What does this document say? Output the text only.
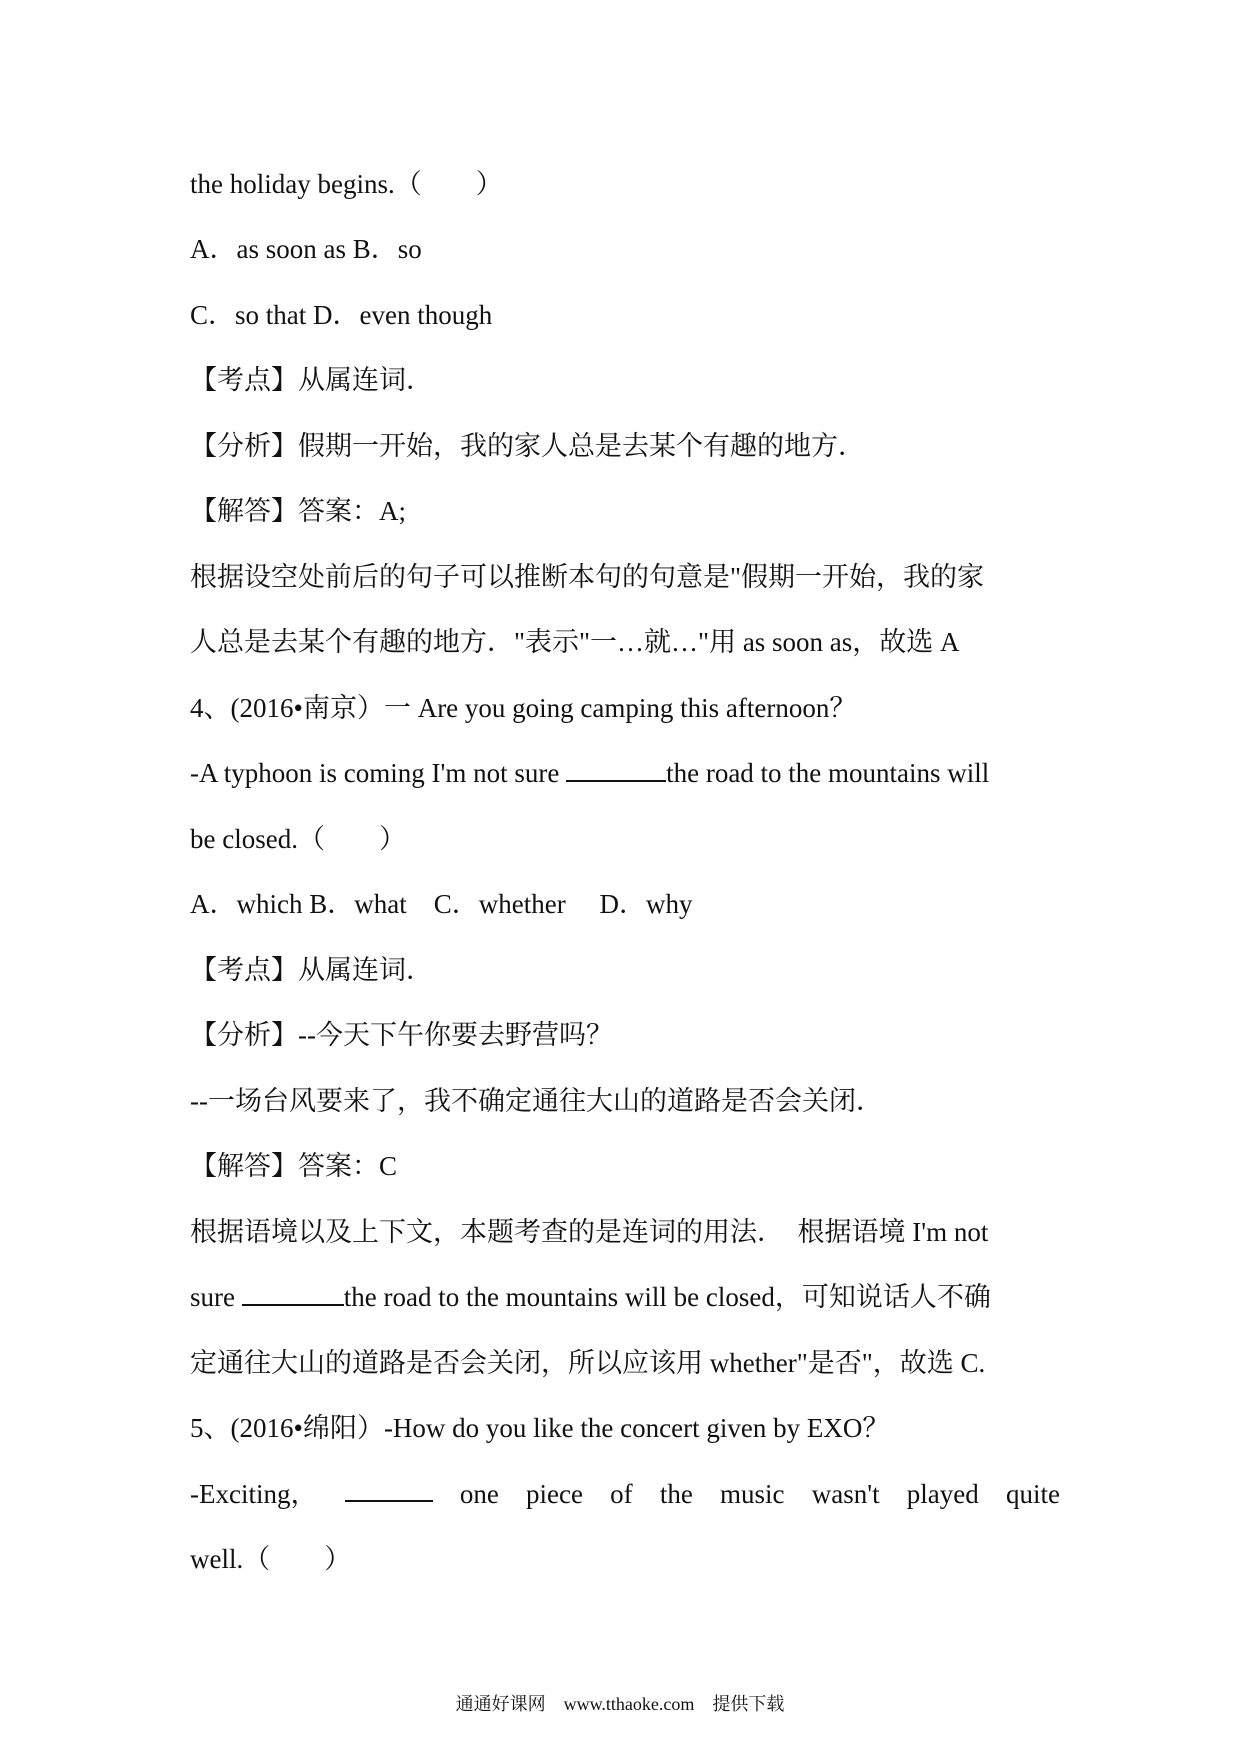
the holiday begins.（　　）
A．as soon as B．so
C．so that D．even though
【考点】从属连词．
【分析】假期一开始，我的家人总是去某个有趣的地方．
【解答】答案：A;
根据设空处前后的句子可以推断本句的句意是"假期一开始，我的家
人总是去某个有趣的地方．"表示"一…就…"用 as soon as，故选 A
4、(2016•南京）一 Are you going camping this afternoon？
-A typhoon is coming I'm not sure	the road to the mountains will
be closed.（　　）
A．which B．what　C．whether　 D．why
【考点】从属连词．
【分析】--今天下午你要去野营吗？
--一场台风要来了，我不确定通往大山的道路是否会关闭．
【解答】答案：C
根据语境以及上下文，本题考查的是连词的用法．　根据语境 I'm not
sure	the road to the mountains will be closed，可知说话人不确
定通往大山的道路是否会关闭，所以应该用 whether"是否"，故选 C.
5、(2016•绵阳）-How do you like the concert given by EXO？
-Exciting，	one piece of the music wasn't played quite
well.（　　）
通通好课网　www.tthaoke.com　提供下载
